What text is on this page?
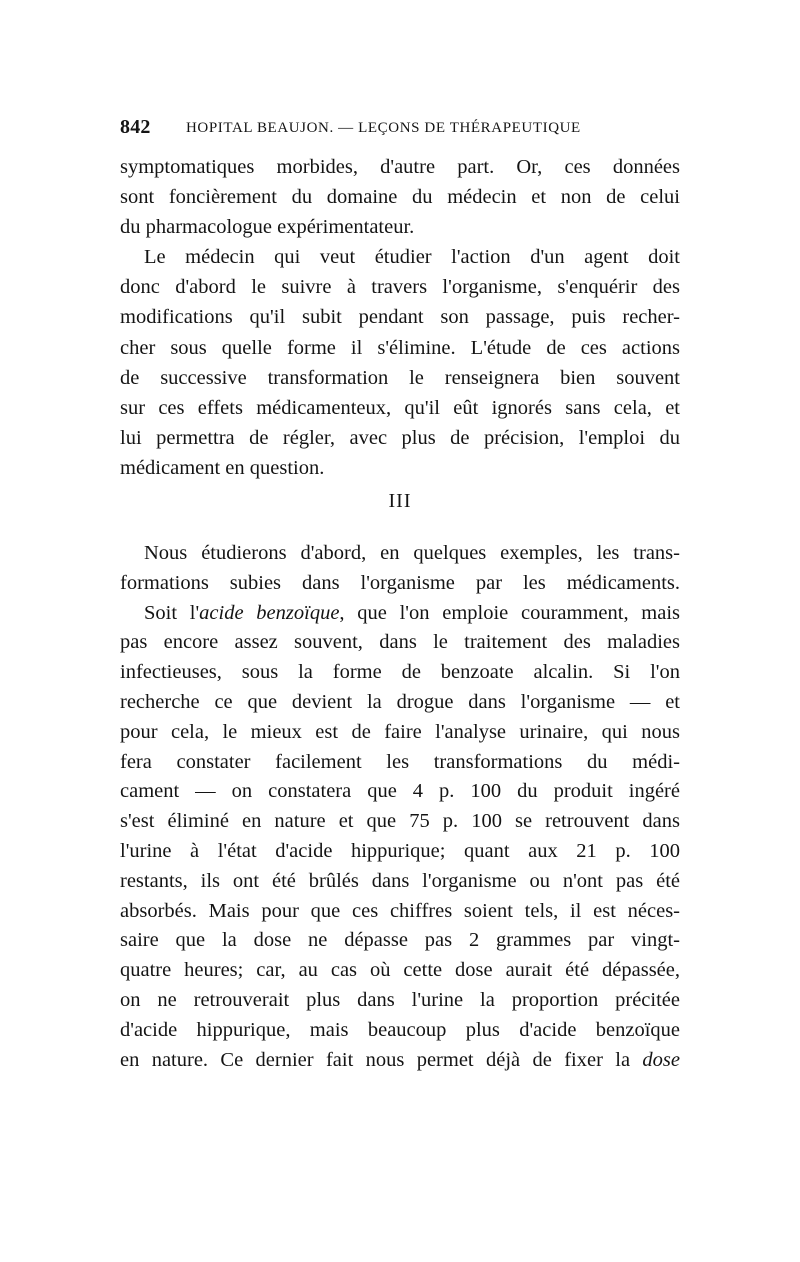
842 HOPITAL BEAUJON. — LEÇONS DE THÉRAPEUTIQUE
symptomatiques morbides, d'autre part. Or, ces données
sont foncièrement du domaine du médecin et non de celui
du pharmacologue expérimentateur.
Le médecin qui veut étudier l'action d'un agent doit
donc d'abord le suivre à travers l'organisme, s'enquérir des
modifications qu'il subit pendant son passage, puis recher-
cher sous quelle forme il s'élimine. L'étude de ces actions
de successive transformation le renseignera bien souvent
sur ces effets médicamenteux, qu'il eût ignorés sans cela, et
lui permettra de régler, avec plus de précision, l'emploi du
médicament en question.
III
Nous étudierons d'abord, en quelques exemples, les trans-
formations subies dans l'organisme par les médicaments.
Soit l'acide benzoïque, que l'on emploie couramment, mais
pas encore assez souvent, dans le traitement des maladies
infectieuses, sous la forme de benzoate alcalin. Si l'on
recherche ce que devient la drogue dans l'organisme — et
pour cela, le mieux est de faire l'analyse urinaire, qui nous
fera constater facilement les transformations du médi-
cament — on constatera que 4 p. 100 du produit ingéré
s'est éliminé en nature et que 75 p. 100 se retrouvent dans
l'urine à l'état d'acide hippurique; quant aux 21 p. 100
restants, ils ont été brûlés dans l'organisme ou n'ont pas été
absorbés. Mais pour que ces chiffres soient tels, il est néces-
saire que la dose ne dépasse pas 2 grammes par vingt-
quatre heures; car, au cas où cette dose aurait été dépassée,
on ne retrouverait plus dans l'urine la proportion précitée
d'acide hippurique, mais beaucoup plus d'acide benzoïque
en nature. Ce dernier fait nous permet déjà de fixer la dose
